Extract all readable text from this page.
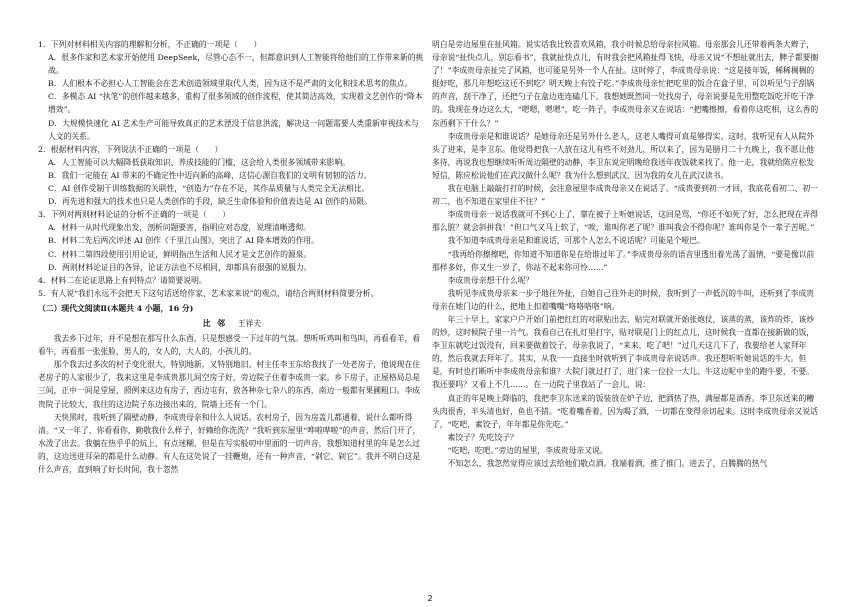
1．下列对材料相关内容的理解和分析，不正确的一项是（　　）

A．很多作家和艺术家开始使用 DeepSeek，尽管心态不一，但都意识到人工智能将给他们的工作带来新的挑战。

B．人们根本不必担心人工智能会在艺术创造领域里取代人类，因为这不是严肃的文化和技术思考的焦点。

C．多模态 AI “执笔”的创作越来越多，重构了很多领域的创作流程，使其简洁高效，实现着文艺创作的“降本增效”。

D．大规模快速化 AI 艺术生产可能导致真正的艺术湮没于信息洪流，解决这一问题需要人类重新审视技术与人文的关系。

2．根据材料内容，下列说法不正确的一项是（　　）

A．人工智能可以大幅降低获取知识、养成技能的门槛，这会给人类很多领域带来影响。

B．我们一定能在 AI 带来的不确定性中迈向新的高峰，这信心源自我们的文明有韧韧的活力。

C．AI 创作受制于训练数据的关联性，“创造力”存在不足，其作品质量与人类完全无法相比。

D．再先进和强大的技术也只是人类创作的手段，缺乏生命体验和价值表达是 AI 创作的局限。

3．下列对两则材料论证的分析不正确的一项是（　　）

A．材料一从时代现象出发，剖析问题要害，指明应对态度，说理清晰透彻。

B．材料二先后两次评述 AI 创作《千里江山图》，突出了 AI 降本增效的作用。

C．材料二第四段使用引用论证，鲜明指出生活和人民才是文艺创作的源泉。

D．两则材料论证目的各异，论证方法也不尽相同，却都具有很强的说服力。

4．材料二在论证思路上有何特点？请简要说明。

5．有人说“我们永远不会把天下这句话送给作家、艺术家来说”的观点，请结合两则材料简要分析。

（二）现代文阅读Ⅱ(本题共 4 小题，16 分)

比 邻 王祥夫

我去乡下过年，并不是想在那写什么东西，只是想感受一下过年的气氛。想听听鸡叫和鸟叫，再看看羊，看看牛，再看那一张张脸，男人的，女人的，大人的，小孩儿的。

那个我去过多次的村子变化很大，特别地新，又特别地旧。村主任李玉东给我找了一处老房子，他说现在住老房子的人家很少了，我来这里是李成贵那儿间空房子好，旁边院子住着李成贵一家。乡下房子，正屋格局总是三间，正中一间是堂屋，照例来这边有房子，西边屯有，放各种杂七杂八的东西，南边一般都有果圃粗口。李成贵院子比较大，我往的这边院子东边接出来的，院墙上还有一个门。

天快黑时，我听到了隔壁动静，李成贵母亲和什么人说话。农村房子，因为房盖儿都通着，说什么都听得清。“又一年了，你看看你，勤敬我什么样子，好赖给你洗洗？”我听到东屋里“哗啦哗啦”的声音，然后门开了，水泼了出去。我躺在热乎乎的炕上，有点迷糊，但是在写实般叨中里面的一切声音，我想知道村里的年是怎么过的，这边送进耳朵的都是什么动静。有人在这处说了一挂鞭炮，还有一种声音，“剁它、剁它”。我并不明白这是什么声音，直到响了好长时间，我十忽然

明白是旁边屋里在扯风箱。说实话我比较喜欢风箱，我小时候总给母亲拉风箱。母亲那会儿还带着两条大辫子，母亲说“扯快点儿，别忘看书”，我就扯快点儿，有时我会把风箱扯得飞快，母亲又说“不想扯就出去，脾子都要搁了！”李成贵母亲扯完了风箱，也可能是另外一个人在扯。这时停了，李成贵母亲说：“这是接年饭，稀稀稠稠的挺好吃，那几年想吃这还不到吃？明天晚上有饺子吃。”李成贵母亲忙把吃里的饭合在盒子里，可以听见勺子刮锅的声音，刮干净了，还把勺子在盒边连连磕几下。我想她既然同一处找房子，母亲说要是先用整吃饭吃开吃干净的。我现在身边这么大，“嗯嗯，嗯嗯”，吃一阵子，李成贵母亲又在说话：“把嘴擦擦，看着你这吃相，这么香的东西剩下干什么？”

李成贵母亲是和谁说话？是她母亲还是另外什么老人，这老人嘴得可真是够得实。这时，我听见有人从院外头了进来，是李卫东。他觉得把我一人放在这儿有些不对劲儿，所以来了，因为是膀月二十九晚上，我不愿让他多待，再说我也想继续听听周边隔壁的动静，李卫东说定明晚给我送年夜饭就来找了。他一走，我就给陈应松发短信，陈应松说他们在武汉做什么呢？我为什么想到武汉，因为我的女儿在武汉读书。

我在电脑上敲敲打打的时候，会注意屋里李成贵母亲又在说话了。“成贵要到初一才回，我底花看初二、初一初二，也不知道在家里住不住？”

李成贵母亲一说话我就可不到心上了，靠在被子上听她说话，这回是骂，“你还不如死了好，怎么把现在弄得那么脏？就会斜拼我！”但口气又马上软了，“唉，谁叫你老了呢？谁叫我会不得你呢？谁叫你是个一辈子苦呢。”

我不知道李成贵母亲是和谁说话，可那个人怎么不说话呢？可能是个哑巴。

“我再给你擦擦吧，你知道不知道你是在给谁过年了。”李成贵母亲的语音里透出着光荡了温情，“要是像以前那样多好，你又生一岁了，你站不起来你可怜……”

李成贵母亲想干什么呢？

我听见李成贵母亲来一步子地往外扯，自她自己往外走的时候，我听到了一声低沉的牛叫，还听到了李成贵母亲在她门边的什么，把地上扣着嘴嘴“咯咯咯咯”响。

年三十早上，家家户户开始门前把红红的对联贴出去，贴完对联就开始张炮仗，该蒸的蒸，该炸的炸，该炒的炒，这时候院子里一片气。我看自己在扎灯里打字，贴对联是门上的红点儿，这时候我一直都在接新做的饭，李卫东就吃过饭没有，回来要做着饺子，母亲我说了，“来来，吃了吧！”过几天这几下了，我要给老人家拜年的，然后我就去拜年了。其实，从我一一直接坐时就听到了李成贵母亲说话声。我还想听听她说话的牛大。但是，有时也打断听中李成贵母亲和谁？大院门就过打了，进门来一位拉一大儿、牛这边呢中坐的跑牛要，不要。我还要吗？又看上不几……。在一边院子里我站了一会儿，说：

真正的年是晚上降临的，我把李卫东送来的饭装放在炉子边，把酒热了热，满屋都是酒香。李卫东送来的糟头肉很香，半头清也好，鱼也不错。“吃着嘴香着，因为喝了酒，一切都在变得亲切起来。这时李成贵母亲又说话了，“吃吧，素饺子，年年都是你先吃。”

素饺子？先吃饺子？

“吃吧，吃吧。”旁边的屋里，李成贵母亲又说。

不知怎么，我忽然觉得应该过去给他们敬点酒。我端着酒，推了推门。进去了，白腾腾的热气

2
